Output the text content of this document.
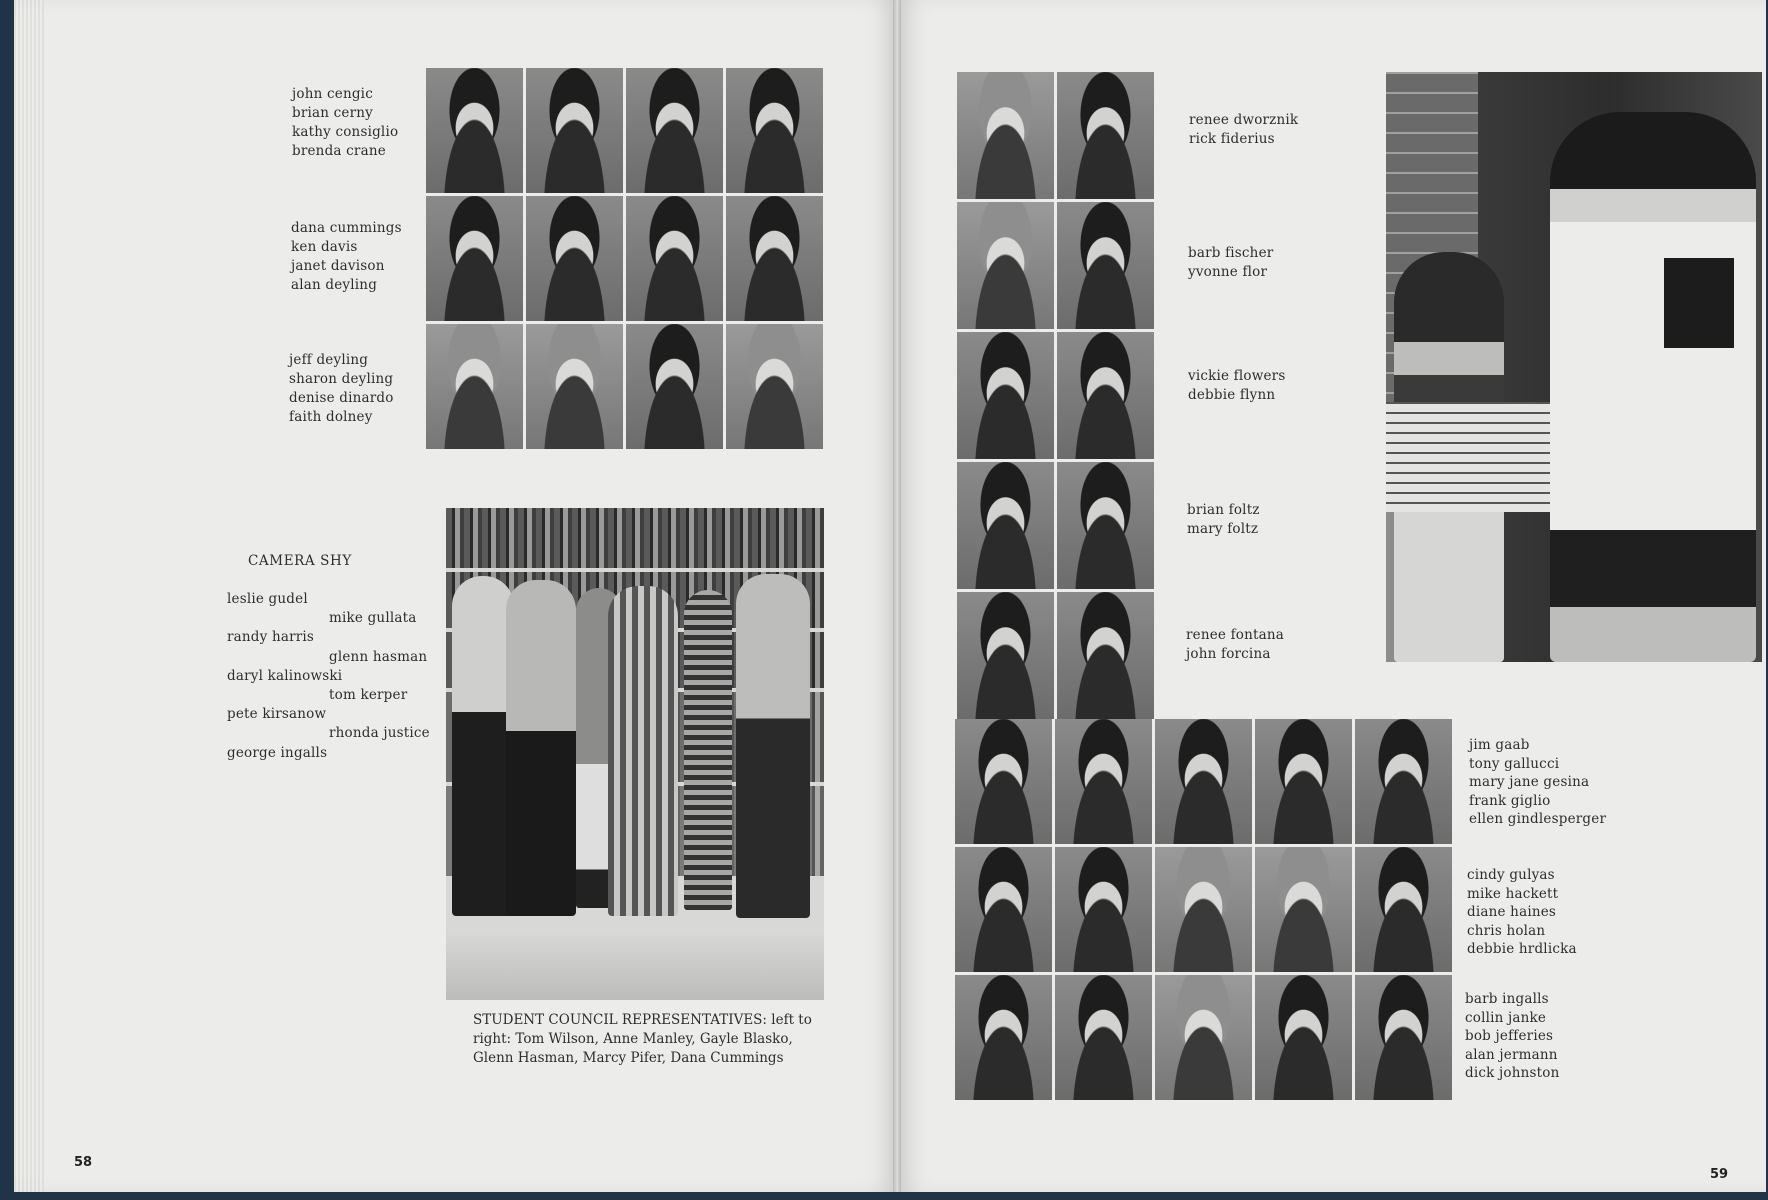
john cengic
brian cerny
kathy consiglio
brenda crane
dana cummings
ken davis
janet davison
alan deyling
jeff deyling
sharon deyling
denise dinardo
faith dolney
CAMERA SHY
leslie gudel
mike gullata
randy harris
glenn hasman
daryl kalinowski
tom kerper
pete kirsanow
rhonda justice
george ingalls
STUDENT COUNCIL REPRESENTATIVES: left to
right: Tom Wilson, Anne Manley, Gayle Blasko,
Glenn Hasman, Marcy Pifer, Dana Cummings
58
renee dworznik
rick fiderius
barb fischer
yvonne flor
vickie flowers
debbie flynn
brian foltz
mary foltz
renee fontana
john forcina
jim gaab
tony gallucci
mary jane gesina
frank giglio
ellen gindlesperger
cindy gulyas
mike hackett
diane haines
chris holan
debbie hrdlicka
barb ingalls
collin janke
bob jefferies
alan jermann
dick johnston
59
